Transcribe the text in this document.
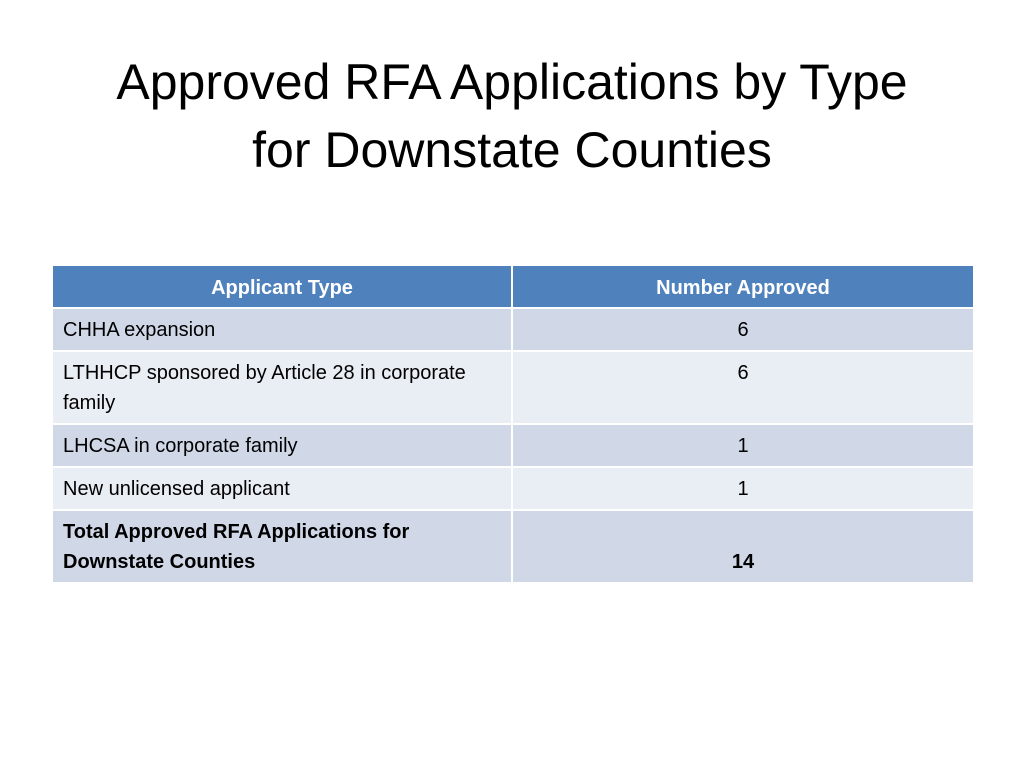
Approved RFA Applications by Type
for Downstate Counties
Applicant Type	Number Approved
CHHA expansion	6
LTHHCP sponsored by Article 28 in corporate family	6
LHCSA in corporate family	1
New unlicensed applicant	1
Total Approved RFA Applications for Downstate Counties	14
